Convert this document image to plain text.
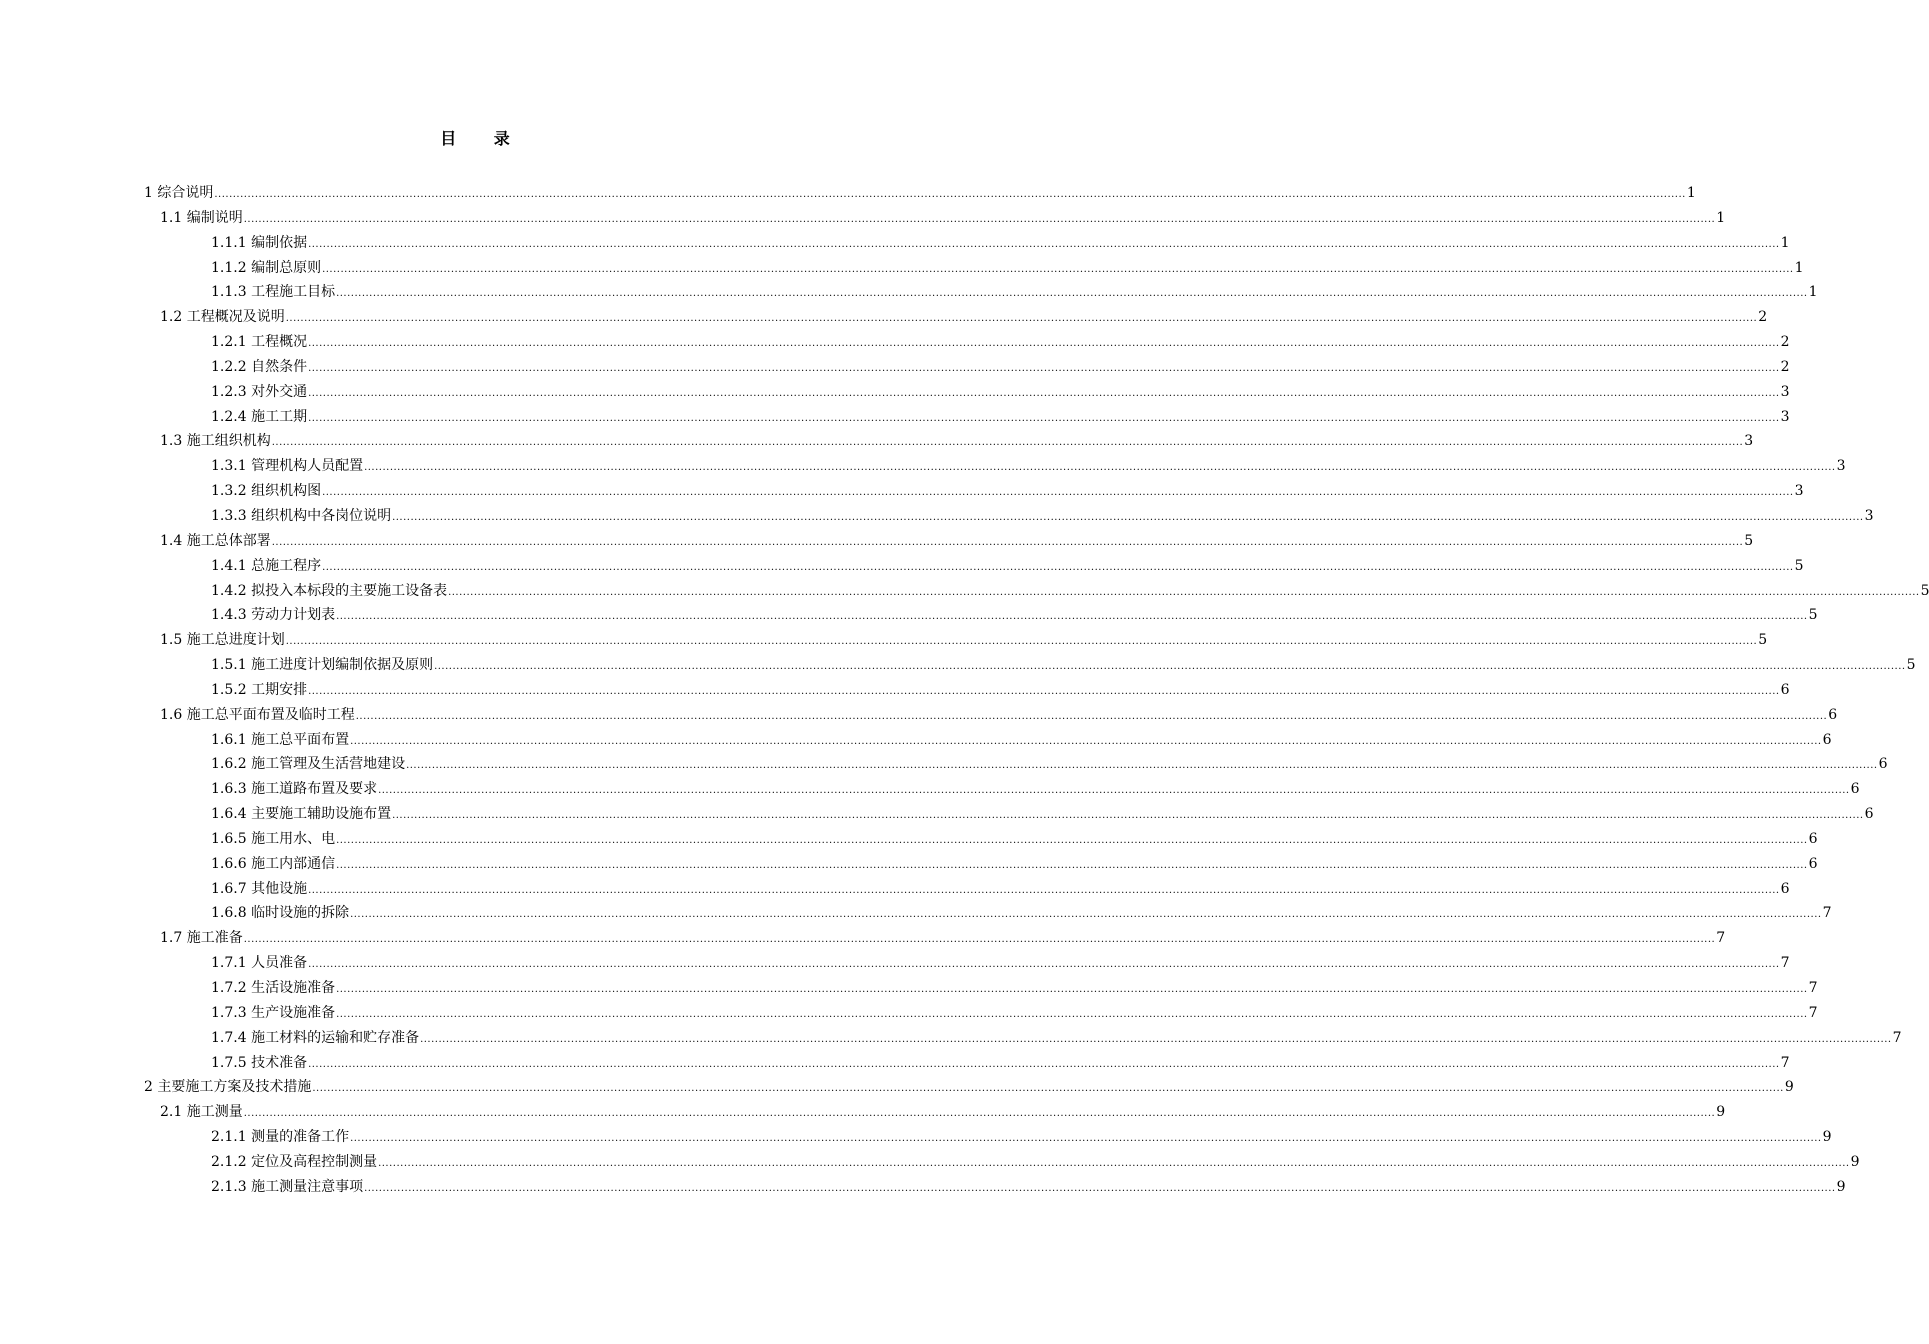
目 录
1 综合说明 ................................................................................................................................................................................................................................................................................................................................................................................................................ 1
1.1 编制说明 ................................................................................................................................................................................................................................................................................................................................................................................................................ 1
1.1.1 编制依据 ................................................................................................................................................................................................................................................................................................................................................................................................................ 1
1.1.2 编制总原则 ................................................................................................................................................................................................................................................................................................................................................................................................................ 1
1.1.3 工程施工目标 ................................................................................................................................................................................................................................................................................................................................................................................................................ 1
1.2 工程概况及说明 ................................................................................................................................................................................................................................................................................................................................................................................................................ 2
1.2.1 工程概况 ................................................................................................................................................................................................................................................................................................................................................................................................................ 2
1.2.2 自然条件 ................................................................................................................................................................................................................................................................................................................................................................................................................ 2
1.2.3 对外交通 ................................................................................................................................................................................................................................................................................................................................................................................................................ 3
1.2.4 施工工期 ................................................................................................................................................................................................................................................................................................................................................................................................................ 3
1.3 施工组织机构 ................................................................................................................................................................................................................................................................................................................................................................................................................ 3
1.3.1 管理机构人员配置 ................................................................................................................................................................................................................................................................................................................................................................................................................ 3
1.3.2 组织机构图 ................................................................................................................................................................................................................................................................................................................................................................................................................ 3
1.3.3 组织机构中各岗位说明 ................................................................................................................................................................................................................................................................................................................................................................................................................ 3
1.4 施工总体部署 ................................................................................................................................................................................................................................................................................................................................................................................................................ 5
1.4.1 总施工程序 ................................................................................................................................................................................................................................................................................................................................................................................................................ 5
1.4.2 拟投入本标段的主要施工设备表 ................................................................................................................................................................................................................................................................................................................................................................................................................ 5
1.4.3 劳动力计划表 ................................................................................................................................................................................................................................................................................................................................................................................................................ 5
1.5 施工总进度计划 ................................................................................................................................................................................................................................................................................................................................................................................................................ 5
1.5.1 施工进度计划编制依据及原则 ................................................................................................................................................................................................................................................................................................................................................................................................................ 5
1.5.2 工期安排 ................................................................................................................................................................................................................................................................................................................................................................................................................ 6
1.6 施工总平面布置及临时工程 ................................................................................................................................................................................................................................................................................................................................................................................................................ 6
1.6.1 施工总平面布置 ................................................................................................................................................................................................................................................................................................................................................................................................................ 6
1.6.2 施工管理及生活营地建设 ................................................................................................................................................................................................................................................................................................................................................................................................................ 6
1.6.3 施工道路布置及要求 ................................................................................................................................................................................................................................................................................................................................................................................................................ 6
1.6.4 主要施工辅助设施布置 ................................................................................................................................................................................................................................................................................................................................................................................................................ 6
1.6.5 施工用水、电 ................................................................................................................................................................................................................................................................................................................................................................................................................ 6
1.6.6 施工内部通信 ................................................................................................................................................................................................................................................................................................................................................................................................................ 6
1.6.7 其他设施 ................................................................................................................................................................................................................................................................................................................................................................................................................ 6
1.6.8 临时设施的拆除 ................................................................................................................................................................................................................................................................................................................................................................................................................ 7
1.7 施工准备 ................................................................................................................................................................................................................................................................................................................................................................................................................ 7
1.7.1 人员准备 ................................................................................................................................................................................................................................................................................................................................................................................................................ 7
1.7.2 生活设施准备 ................................................................................................................................................................................................................................................................................................................................................................................................................ 7
1.7.3 生产设施准备 ................................................................................................................................................................................................................................................................................................................................................................................................................ 7
1.7.4 施工材料的运输和贮存准备 ................................................................................................................................................................................................................................................................................................................................................................................................................ 7
1.7.5 技术准备 ................................................................................................................................................................................................................................................................................................................................................................................................................ 7
2 主要施工方案及技术措施 ................................................................................................................................................................................................................................................................................................................................................................................................................ 9
2.1 施工测量 ................................................................................................................................................................................................................................................................................................................................................................................................................ 9
2.1.1 测量的准备工作 ................................................................................................................................................................................................................................................................................................................................................................................................................ 9
2.1.2 定位及高程控制测量 ................................................................................................................................................................................................................................................................................................................................................................................................................ 9
2.1.3 施工测量注意事项 ................................................................................................................................................................................................................................................................................................................................................................................................................ 9
